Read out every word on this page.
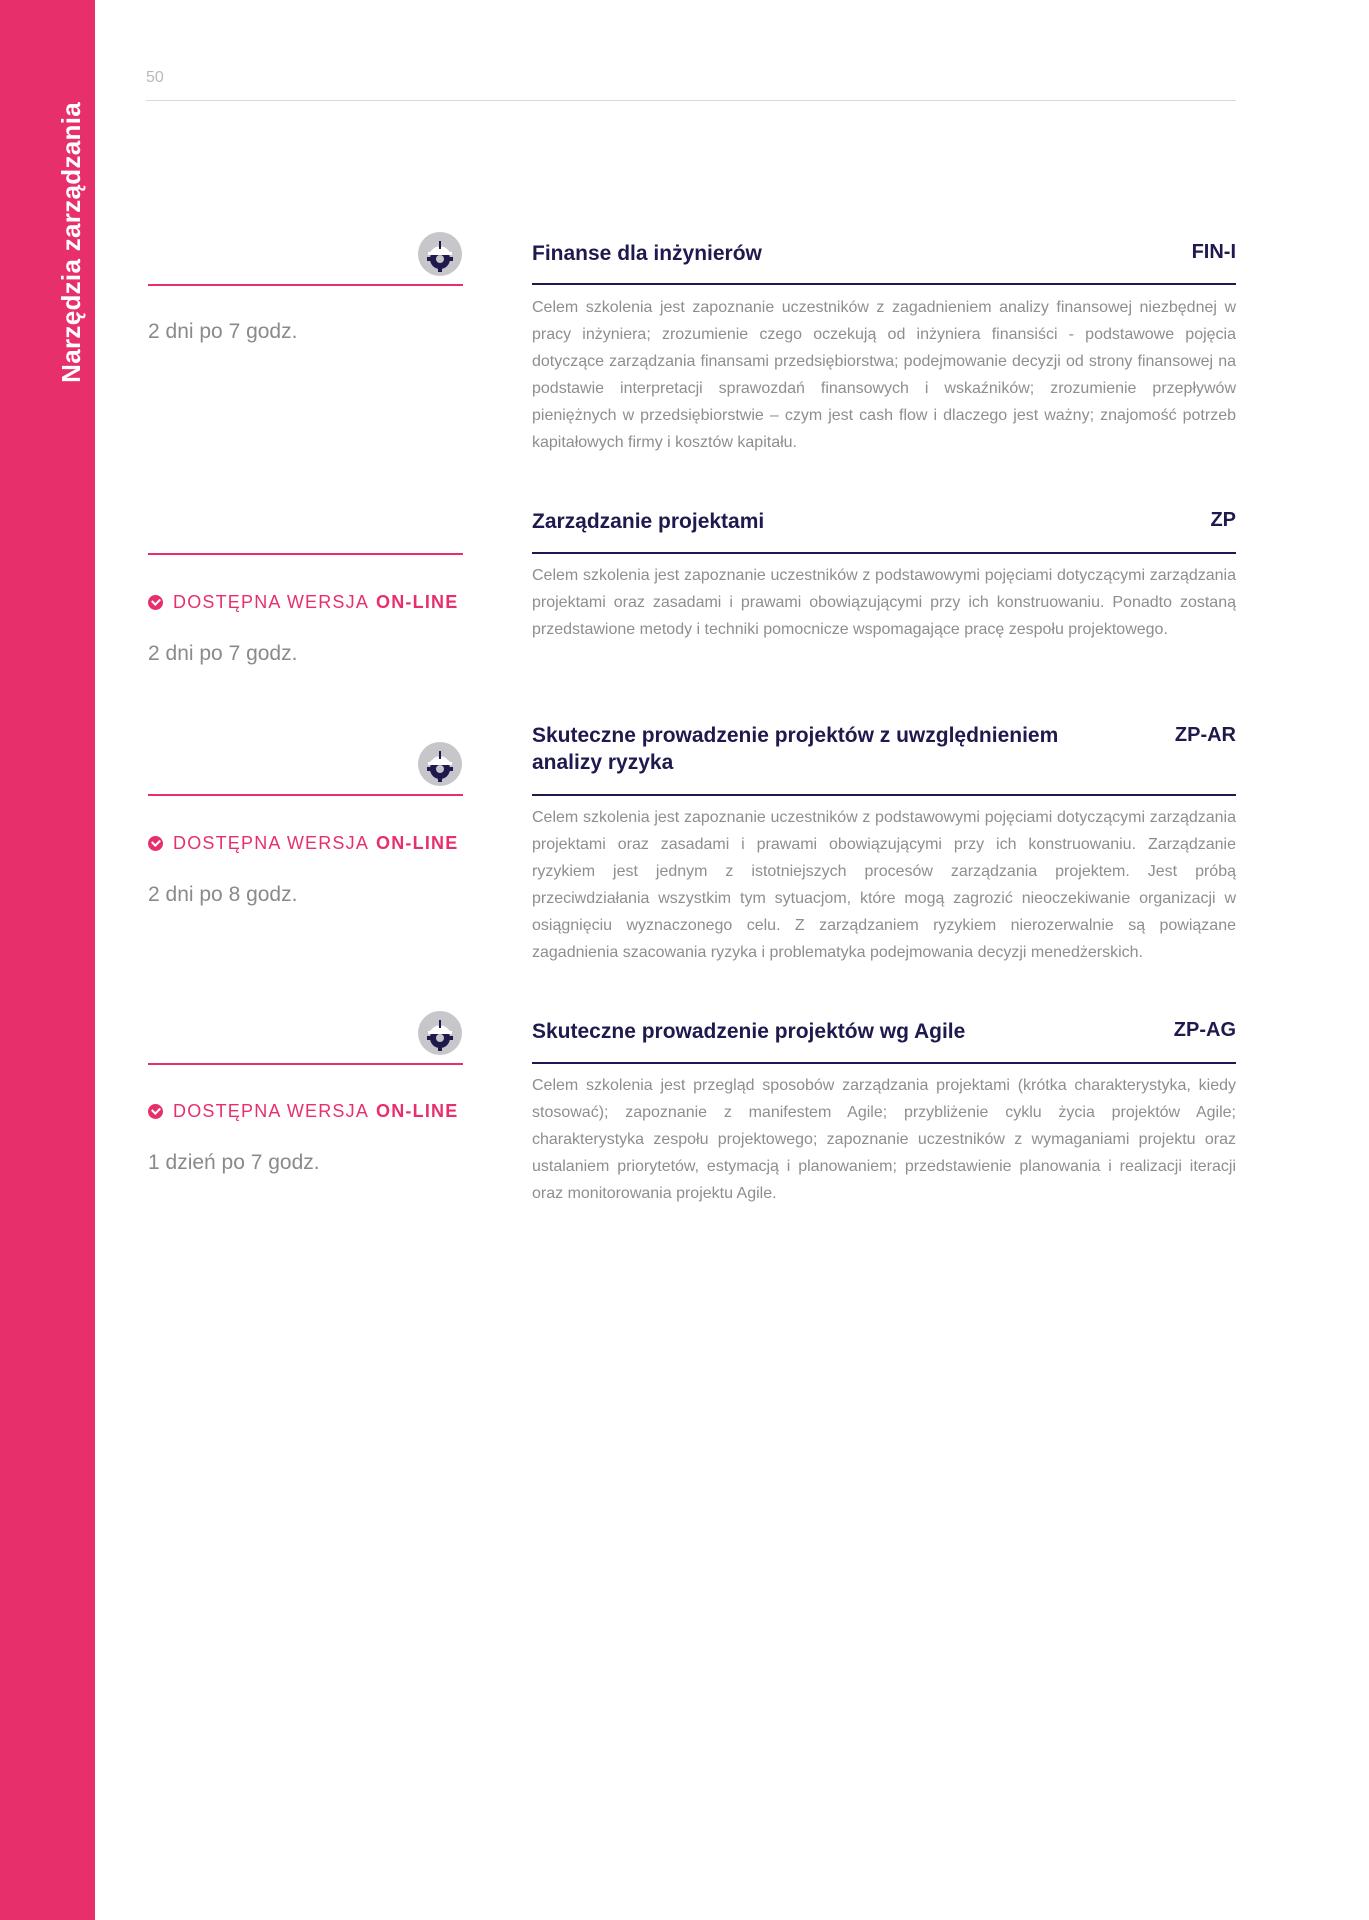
Narzędzia zarządzania
50
2 dni po 7 godz.
Finanse dla inżynierów	FIN-I
Celem szkolenia jest zapoznanie uczestników z zagadnieniem analizy finansowej niezbędnej w pracy inżyniera; zrozumienie czego oczekują od inżyniera finansiści - podstawowe pojęcia dotyczące zarządzania finansami przedsiębiorstwa; podejmowanie decyzji od strony finansowej na podstawie interpretacji sprawozdań finansowych i wskaźników; zrozumienie przepływów pieniężnych w przedsiębiorstwie – czym jest cash flow i dlaczego jest ważny; znajomość potrzeb kapitałowych firmy i kosztów kapitału.
DOSTĘPNA WERSJA ON-LINE
2 dni po 7 godz.
Zarządzanie projektami	ZP
Celem szkolenia jest zapoznanie uczestników z podstawowymi pojęciami dotyczącymi zarządzania projektami oraz zasadami i prawami obowiązującymi przy ich konstruowaniu. Ponadto zostaną przedstawione metody i techniki pomocnicze wspomagające pracę zespołu projektowego.
DOSTĘPNA WERSJA ON-LINE
2 dni po 8 godz.
Skuteczne prowadzenie projektów z uwzględnieniem analizy ryzyka
ZP-AR
Celem szkolenia jest zapoznanie uczestników z podstawowymi pojęciami dotyczącymi zarządzania projektami oraz zasadami i prawami obowiązującymi przy ich konstruowaniu. Zarządzanie ryzykiem jest jednym z istotniejszych procesów zarządzania projektem. Jest próbą przeciwdziałania wszystkim tym sytuacjom, które mogą zagrozić nieoczekiwanie organizacji w osiągnięciu wyznaczonego celu. Z zarządzaniem ryzykiem nierozerwalnie są powiązane zagadnienia szacowania ryzyka i problematyka podejmowania decyzji menedżerskich.
DOSTĘPNA WERSJA ON-LINE
1 dzień po 7 godz.
Skuteczne prowadzenie projektów wg Agile	ZP-AG
Celem szkolenia jest przegląd sposobów zarządzania projektami (krótka charakterystyka, kiedy stosować); zapoznanie z manifestem Agile; przybliżenie cyklu życia projektów Agile; charakterystyka zespołu projektowego; zapoznanie uczestników z wymaganiami projektu oraz ustalaniem priorytetów, estymacją i planowaniem; przedstawienie planowania i realizacji iteracji oraz monitorowania projektu Agile.
